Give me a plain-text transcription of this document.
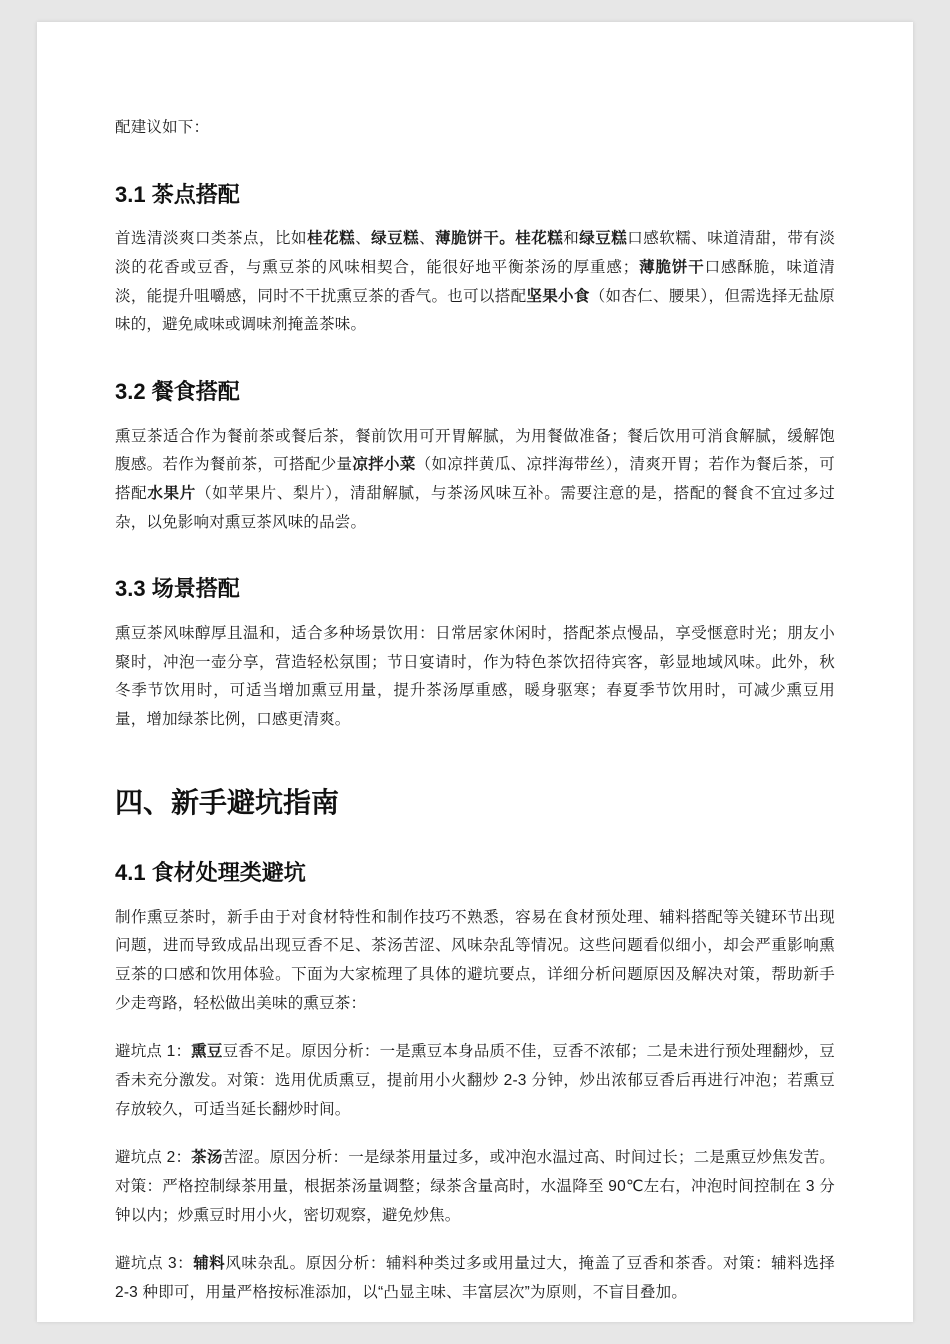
配建议如下：

3.1 茶点搭配

首选清淡爽口类茶点，比如桂花糕、绿豆糕、薄脆饼干。桂花糕和绿豆糕口感软糯、味道清甜，带有淡淡的花香或豆香，与熏豆茶的风味相契合，能很好地平衡茶汤的厚重感；薄脆饼干口感酥脆，味道清淡，能提升咀嚼感，同时不干扰熏豆茶的香气。也可以搭配坚果小食（如杏仁、腰果），但需选择无盐原味的，避免咸味或调味剂掩盖茶味。

3.2 餐食搭配

熏豆茶适合作为餐前茶或餐后茶，餐前饮用可开胃解腻，为用餐做准备；餐后饮用可消食解腻，缓解饱腹感。若作为餐前茶，可搭配少量凉拌小菜（如凉拌黄瓜、凉拌海带丝），清爽开胃；若作为餐后茶，可搭配水果片（如苹果片、梨片），清甜解腻，与茶汤风味互补。需要注意的是，搭配的餐食不宜过多过杂，以免影响对熏豆茶风味的品尝。

3.3 场景搭配

熏豆茶风味醇厚且温和，适合多种场景饮用：日常居家休闲时，搭配茶点慢品，享受惬意时光；朋友小聚时，冲泡一壶分享，营造轻松氛围；节日宴请时，作为特色茶饮招待宾客，彰显地域风味。此外，秋冬季节饮用时，可适当增加熏豆用量，提升茶汤厚重感，暖身驱寒；春夏季节饮用时，可减少熏豆用量，增加绿茶比例，口感更清爽。

四、新手避坑指南
4.1 食材处理类避坑

制作熏豆茶时，新手由于对食材特性和制作技巧不熟悉，容易在食材预处理、辅料搭配等关键环节出现问题，进而导致成品出现豆香不足、茶汤苦涩、风味杂乱等情况。这些问题看似细小，却会严重影响熏豆茶的口感和饮用体验。下面为大家梳理了具体的避坑要点，详细分析问题原因及解决对策，帮助新手少走弯路，轻松做出美味的熏豆茶：

避坑点 1：熏豆豆香不足。原因分析：一是熏豆本身品质不佳，豆香不浓郁；二是未进行预处理翻炒，豆香未充分激发。对策：选用优质熏豆，提前用小火翻炒 2-3 分钟，炒出浓郁豆香后再进行冲泡；若熏豆存放较久，可适当延长翻炒时间。

避坑点 2：茶汤苦涩。原因分析：一是绿茶用量过多，或冲泡水温过高、时间过长；二是熏豆炒焦发苦。对策：严格控制绿茶用量，根据茶汤量调整；绿茶含量高时，水温降至 90℃左右，冲泡时间控制在 3 分钟以内；炒熏豆时用小火，密切观察，避免炒焦。

避坑点 3：辅料风味杂乱。原因分析：辅料种类过多或用量过大，掩盖了豆香和茶香。对策：辅料选择 2-3 种即可，用量严格按标准添加，以“凸显主味、丰富层次”为原则，不盲目叠加。
